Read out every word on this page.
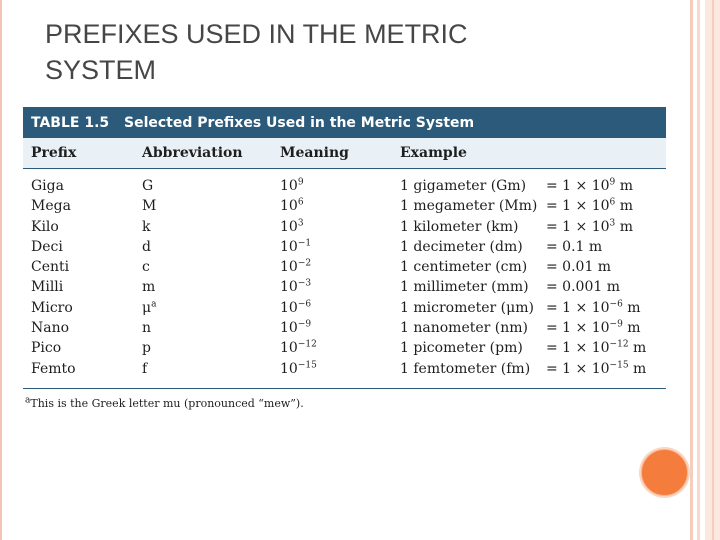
PREFIXES USED IN THE METRIC SYSTEM
TABLE 1.5	Selected Prefixes Used in the Metric System
Prefix	Abbreviation	Meaning	Example
Giga	G	$10^9$	1 gigameter $(Gm) = 1 \times 10^9$ m
Mega	M	$10^6$	1 megameter $(Mm) = 1 \times 10^6$ m
Kilo	k	$10^3$	1 kilometer $(km) = 1 \times 10^3$ m
Deci	d	$10^{-1}$	1 decimeter (dm) = 0.1 m
Centi	c	$10^{-2}$	1 centimeter (cm) = 0.01 m
Milli	m	$10^{-3}$	1 millimeter (mm) = 0.001 m
Micro	$\mu^a$	$10^{-6}$	1 micrometer $(\mu m) = 1 \times 10^{-6}$ m
Nano	n	$10^{-9}$	1 nanometer $(nm) = 1 \times 10^{-9}$ m
Pico	p	$10^{-12}$	1 picometer $(pm) = 1 \times 10^{-12}$ m
Femto	f	$10^{-15}$	1 femtometer $(fm) = 1 \times 10^{-15}$ m
$^a$This is the Greek letter mu (pronounced “mew”).
